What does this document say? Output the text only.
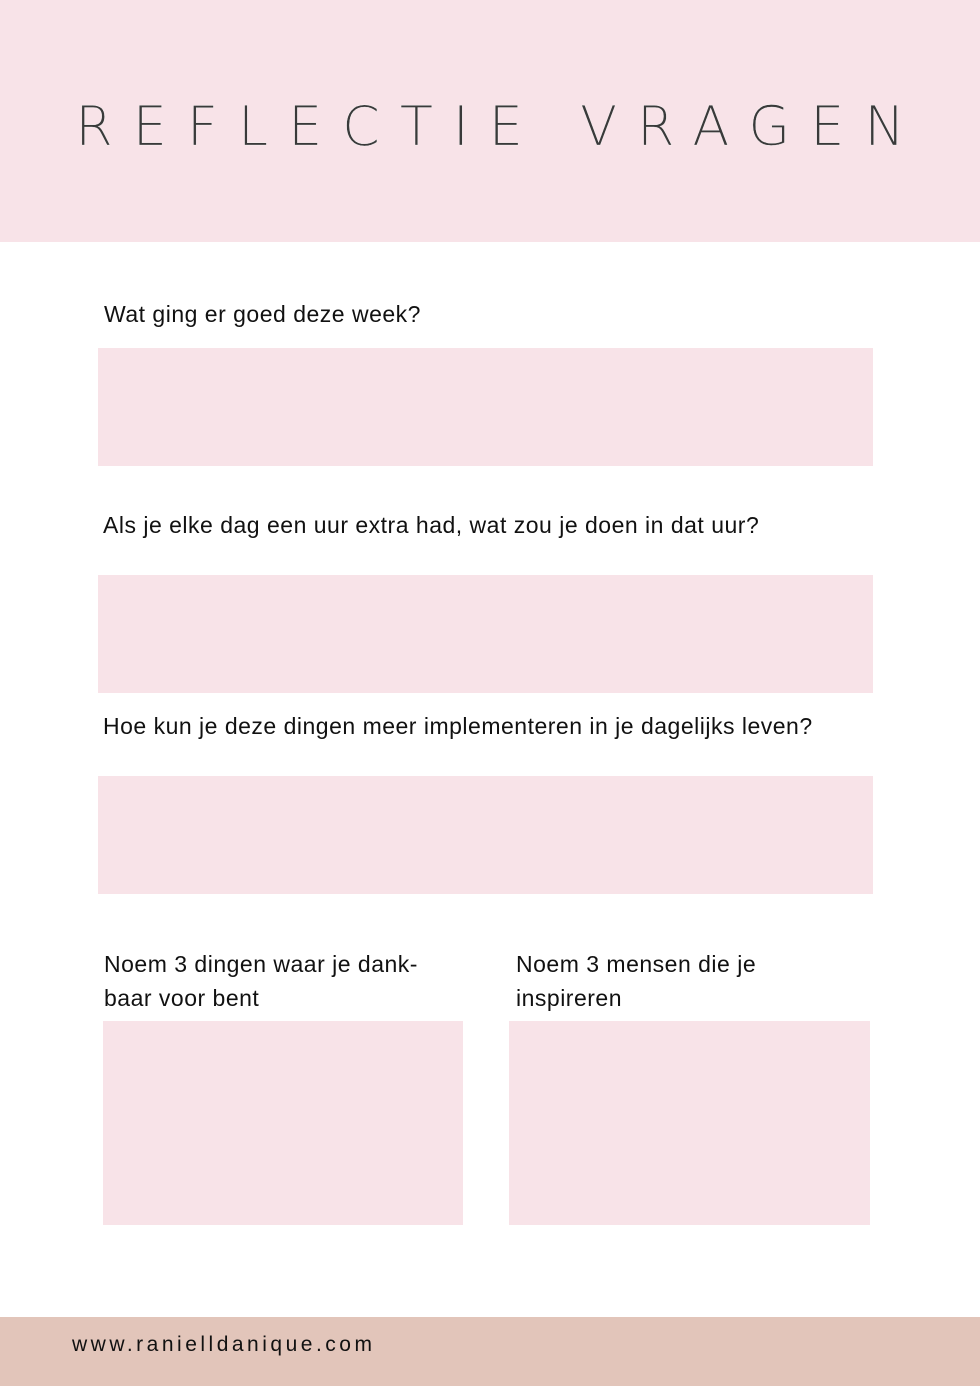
REFLECTIE VRAGEN
Wat ging er goed deze week?
Als je elke dag een uur extra had, wat zou je doen in dat uur?
Hoe kun je deze dingen meer implementeren in je dagelijks leven?
Noem 3 dingen waar je dank-
baar voor bent
Noem 3 mensen die je
inspireren
www.ranielldanique.com
